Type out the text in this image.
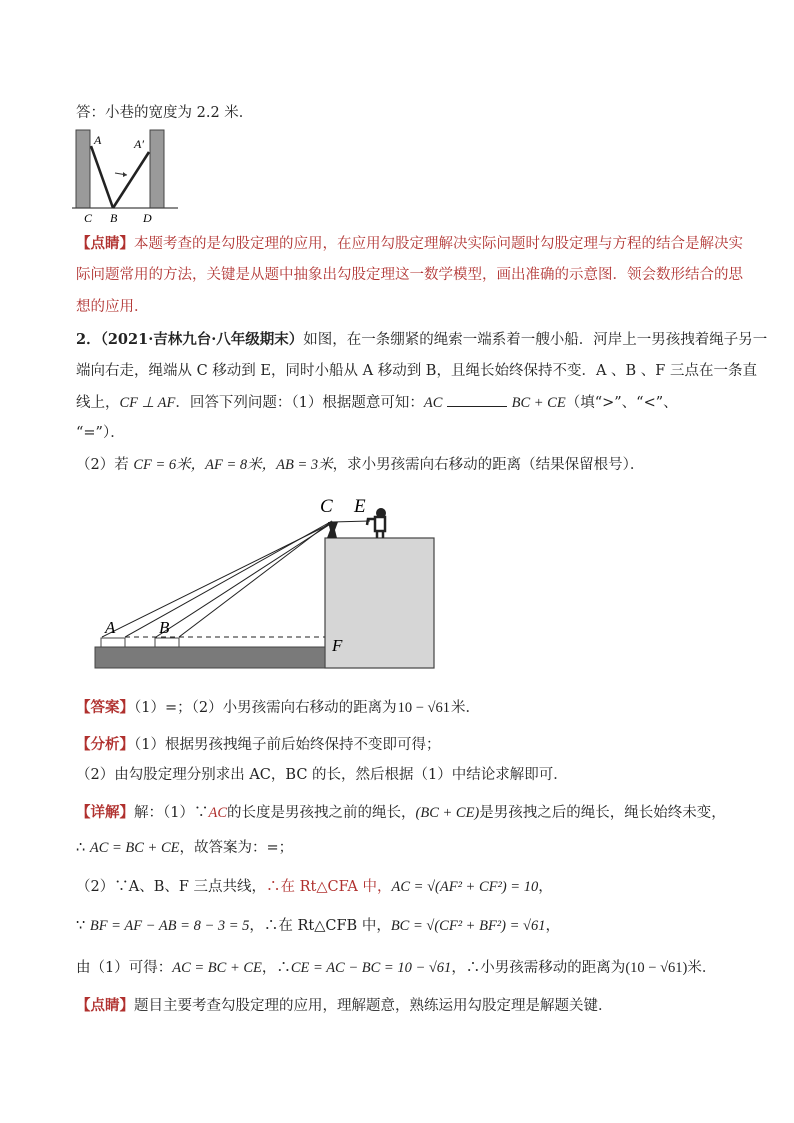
答：小巷的宽度为 2.2 米．
A	A′
C B D
【点睛】本题考查的是勾股定理的应用，在应用勾股定理解决实际问题时勾股定理与方程的结合是解决实
际问题常用的方法，关键是从题中抽象出勾股定理这一数学模型，画出准确的示意图．领会数形结合的思
想的应用．
2．（2021·吉林九台·八年级期末）如图，在一条绷紧的绳索一端系着一艘小船．河岸上一男孩拽着绳子另一
端向右走，绳端从 C 移动到 E，同时小船从 A 移动到 B，且绳长始终保持不变．A 、B 、F 三点在一条直
线上，CF ⊥ AF．回答下列问题：（1）根据题意可知：AC	BC + CE（填“>”、“<”、
“=”）．
（2）若 CF = 6米，AF = 8米，AB = 3米，求小男孩需向右移动的距离（结果保留根号）．
C E
A	B
F
【答案】（1）=；（2）小男孩需向右移动的距离为10 − √61米．
【分析】（1）根据男孩拽绳子前后始终保持不变即可得；
（2）由勾股定理分别求出 AC，BC 的长，然后根据（1）中结论求解即可．
【详解】解：（1）∵AC的长度是男孩拽之前的绳长，(BC + CE)是男孩拽之后的绳长，绳长始终未变，
∴ AC = BC + CE，故答案为：=；
（2）∵A、B、F 三点共线，∴在 Rt△CFA 中，AC = √(AF² + CF²) = 10，
∵ BF = AF − AB = 8 − 3 = 5，∴在 Rt△CFB 中，BC = √(CF² + BF²) = √61，
由（1）可得：AC = BC + CE，∴CE = AC − BC = 10 − √61，∴小男孩需移动的距离为(10 − √61)米．
【点睛】题目主要考查勾股定理的应用，理解题意，熟练运用勾股定理是解题关键．
